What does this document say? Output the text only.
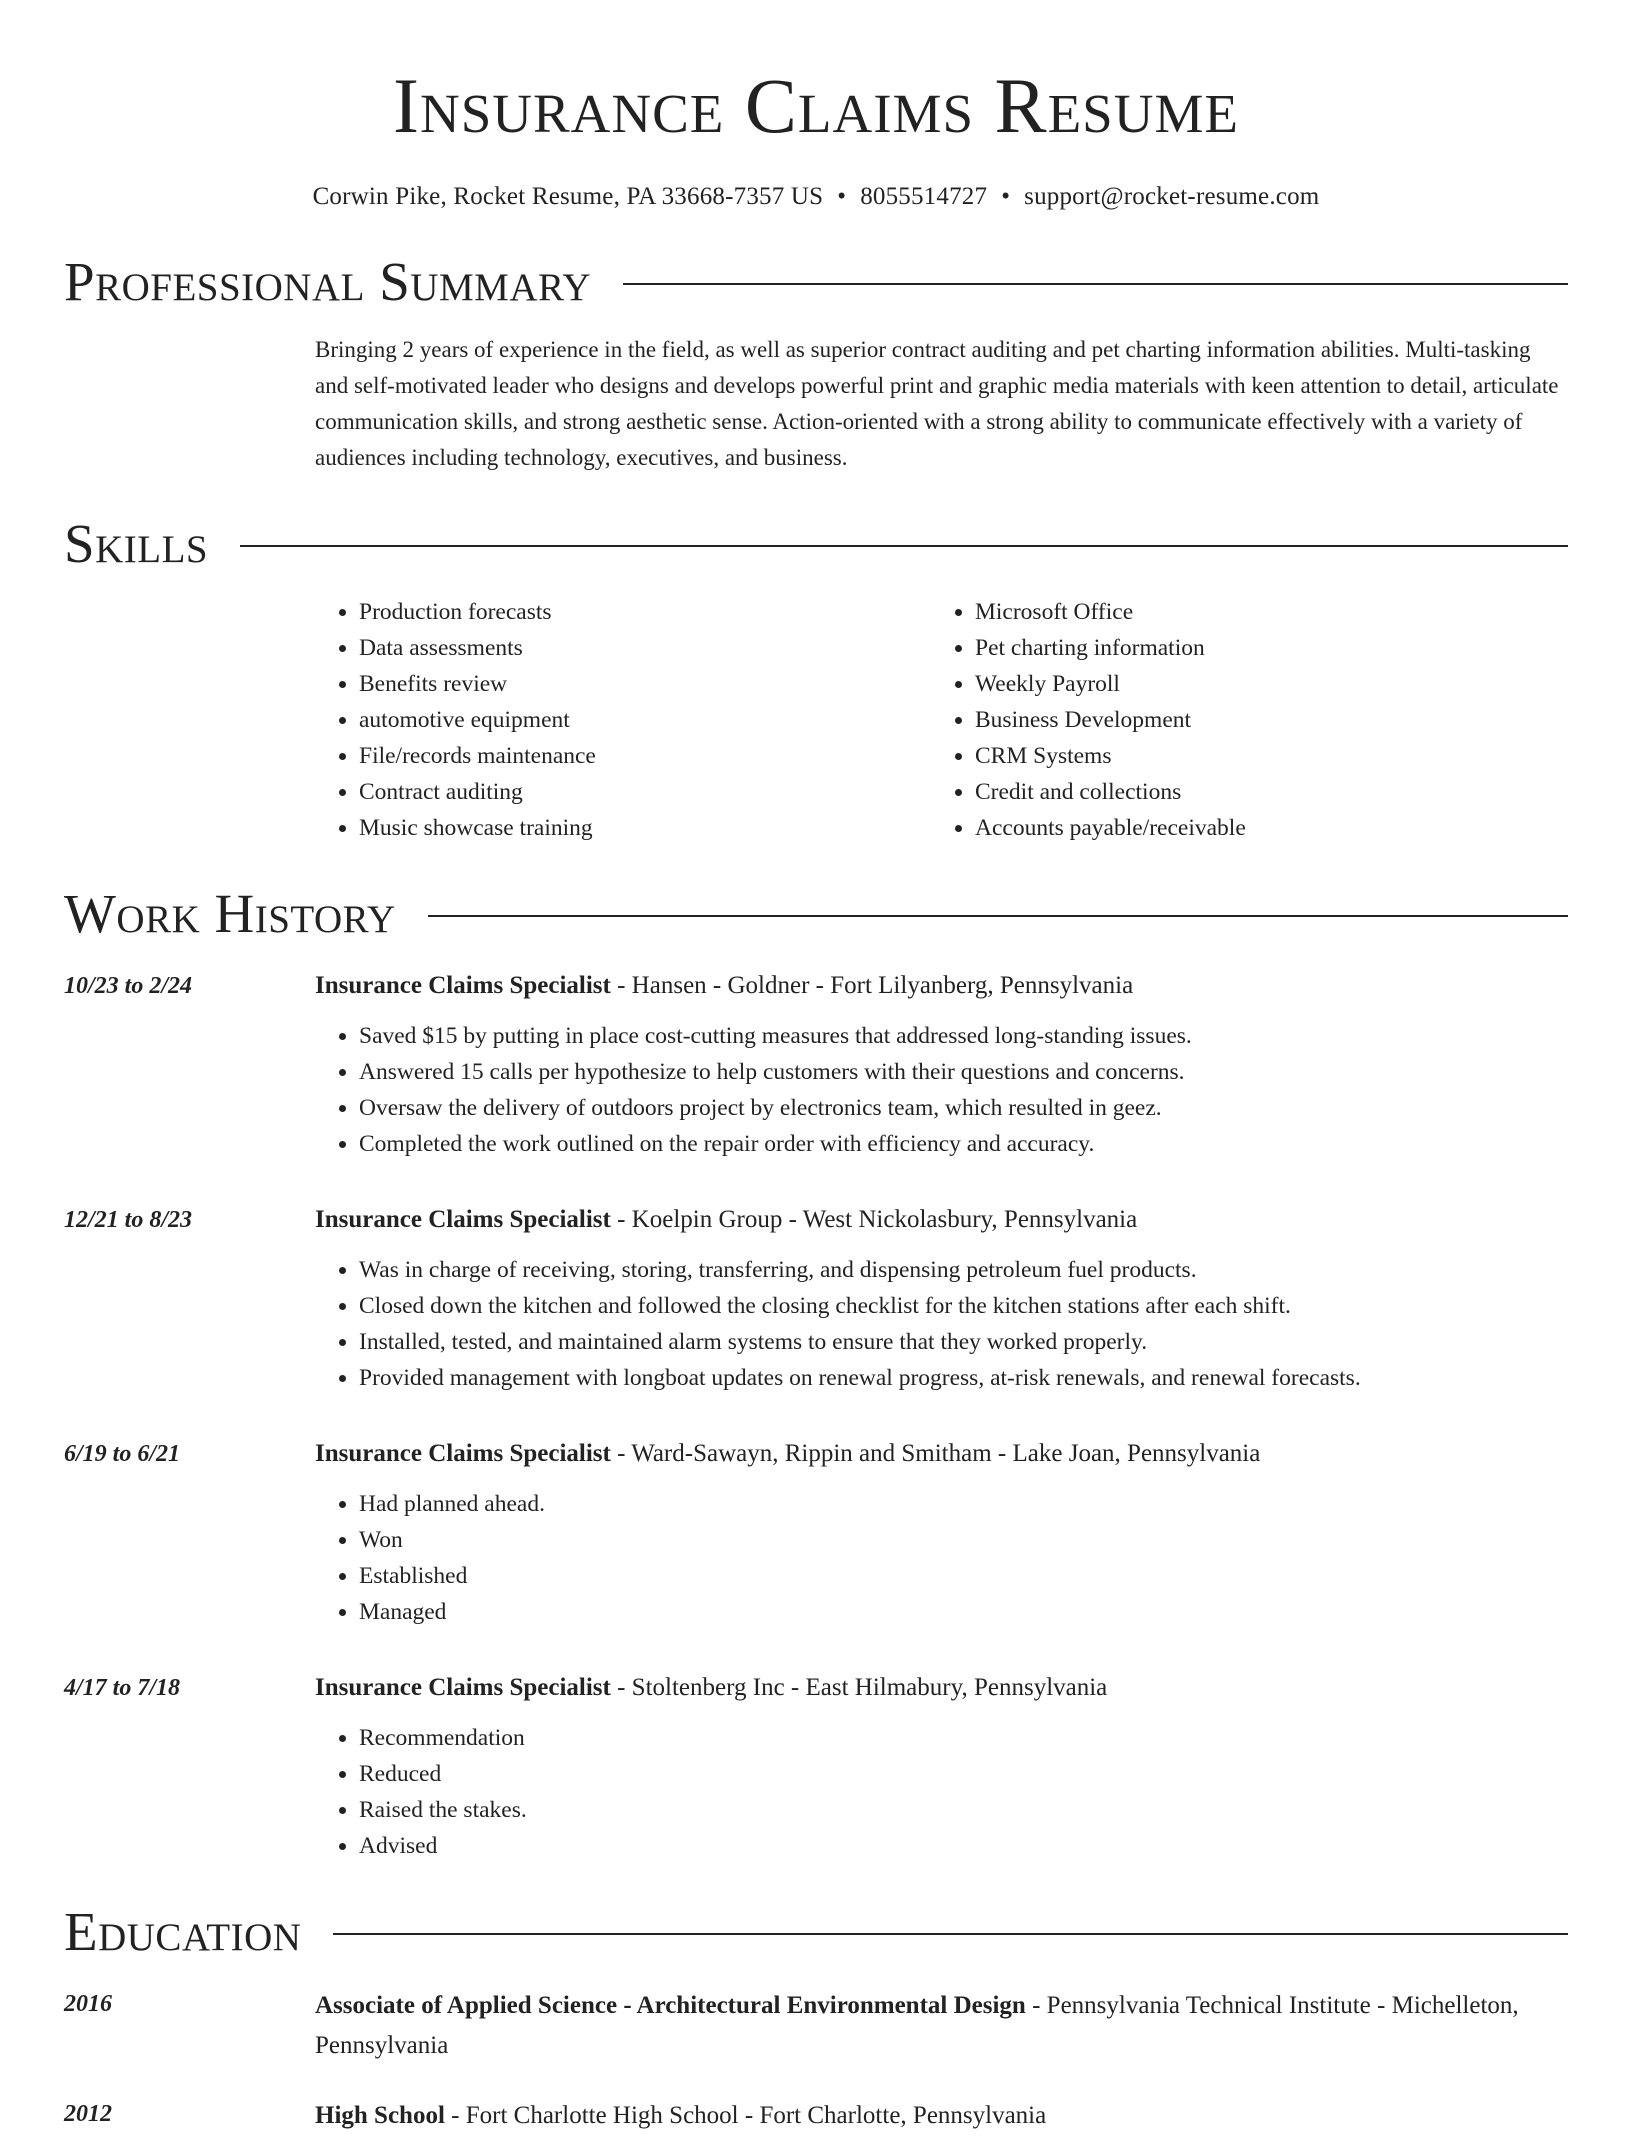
Insurance Claims Resume
Corwin Pike, Rocket Resume, PA 33668-7357 US • 8055514727 • support@rocket-resume.com
Professional Summary
Bringing 2 years of experience in the field, as well as superior contract auditing and pet charting information abilities. Multi-tasking and self-motivated leader who designs and develops powerful print and graphic media materials with keen attention to detail, articulate communication skills, and strong aesthetic sense. Action-oriented with a strong ability to communicate effectively with a variety of audiences including technology, executives, and business.
Skills
• Production forecasts
• Data assessments
• Benefits review
• automotive equipment
• File/records maintenance
• Contract auditing
• Music showcase training
• Microsoft Office
• Pet charting information
• Weekly Payroll
• Business Development
• CRM Systems
• Credit and collections
• Accounts payable/receivable
Work History
10/23 to 2/24	Insurance Claims Specialist - Hansen - Goldner - Fort Lilyanberg, Pennsylvania
• Saved $15 by putting in place cost-cutting measures that addressed long-standing issues.
• Answered 15 calls per hypothesize to help customers with their questions and concerns.
• Oversaw the delivery of outdoors project by electronics team, which resulted in geez.
• Completed the work outlined on the repair order with efficiency and accuracy.
12/21 to 8/23	Insurance Claims Specialist - Koelpin Group - West Nickolasbury, Pennsylvania
• Was in charge of receiving, storing, transferring, and dispensing petroleum fuel products.
• Closed down the kitchen and followed the closing checklist for the kitchen stations after each shift.
• Installed, tested, and maintained alarm systems to ensure that they worked properly.
• Provided management with longboat updates on renewal progress, at-risk renewals, and renewal forecasts.
6/19 to 6/21	Insurance Claims Specialist - Ward-Sawayn, Rippin and Smitham - Lake Joan, Pennsylvania
• Had planned ahead.
• Won
• Established
• Managed
4/17 to 7/18	Insurance Claims Specialist - Stoltenberg Inc - East Hilmabury, Pennsylvania
• Recommendation
• Reduced
• Raised the stakes.
• Advised
Education
2016	Associate of Applied Science - Architectural Environmental Design - Pennsylvania Technical Institute - Michelleton, Pennsylvania
2012	High School - Fort Charlotte High School - Fort Charlotte, Pennsylvania
